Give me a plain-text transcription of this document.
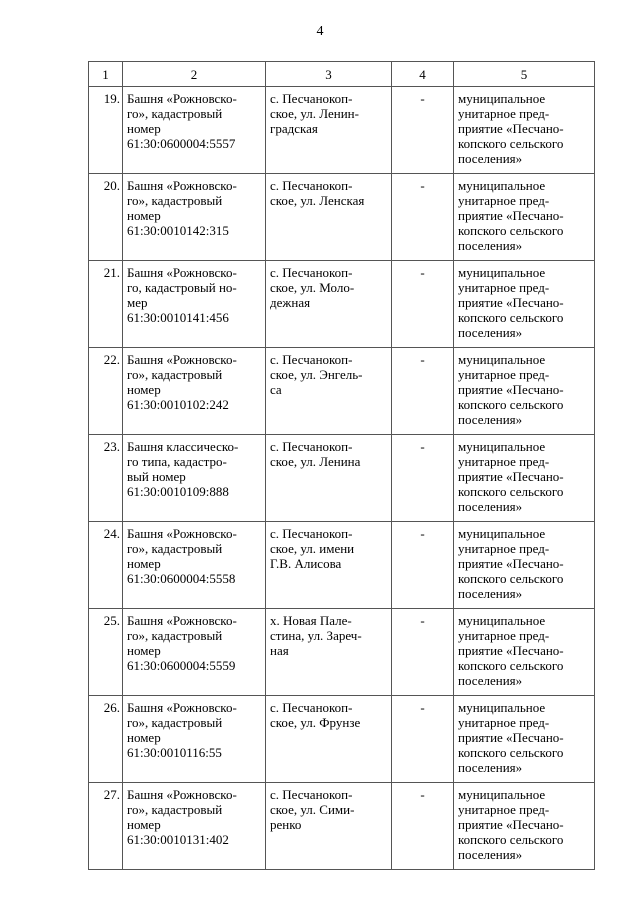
4
1	2	3	4	5
19.	Башня «Рожновско-
го», кадастровый
номер
61:30:0600004:5557	с. Песчанокоп-
ское, ул. Ленин-
градская	-	муниципальное
унитарное пред-
приятие «Песчано-
копского сельского
поселения»

20.	Башня «Рожновско-
го», кадастровый
номер
61:30:0010142:315	с. Песчанокоп-
ское, ул. Ленская	-	муниципальное
унитарное пред-
приятие «Песчано-
копского сельского
поселения»

21.	Башня «Рожновско-
го, кадастровый но-
мер
61:30:0010141:456	с. Песчанокоп-
ское, ул. Моло-
дежная	-	муниципальное
унитарное пред-
приятие «Песчано-
копского сельского
поселения»

22.	Башня «Рожновско-
го», кадастровый
номер
61:30:0010102:242	с. Песчанокоп-
ское, ул. Энгель-
са	-	муниципальное
унитарное пред-
приятие «Песчано-
копского сельского
поселения»

23.	Башня классическо-
го типа, кадастро-
вый номер
61:30:0010109:888	с. Песчанокоп-
ское, ул. Ленина	-	муниципальное
унитарное пред-
приятие «Песчано-
копского сельского
поселения»

24.	Башня «Рожновско-
го», кадастровый
номер
61:30:0600004:5558	с. Песчанокоп-
ское, ул. имени
Г.В. Алисова	-	муниципальное
унитарное пред-
приятие «Песчано-
копского сельского
поселения»

25.	Башня «Рожновско-
го», кадастровый
номер
61:30:0600004:5559	х. Новая Пале-
стина, ул. Зареч-
ная	-	муниципальное
унитарное пред-
приятие «Песчано-
копского сельского
поселения»

26.	Башня «Рожновско-
го», кадастровый
номер
61:30:0010116:55	с. Песчанокоп-
ское, ул. Фрунзе	-	муниципальное
унитарное пред-
приятие «Песчано-
копского сельского
поселения»

27.	Башня «Рожновско-
го», кадастровый
номер
61:30:0010131:402	с. Песчанокоп-
ское, ул. Сими-
ренко	-	муниципальное
унитарное пред-
приятие «Песчано-
копского сельского
поселения»
